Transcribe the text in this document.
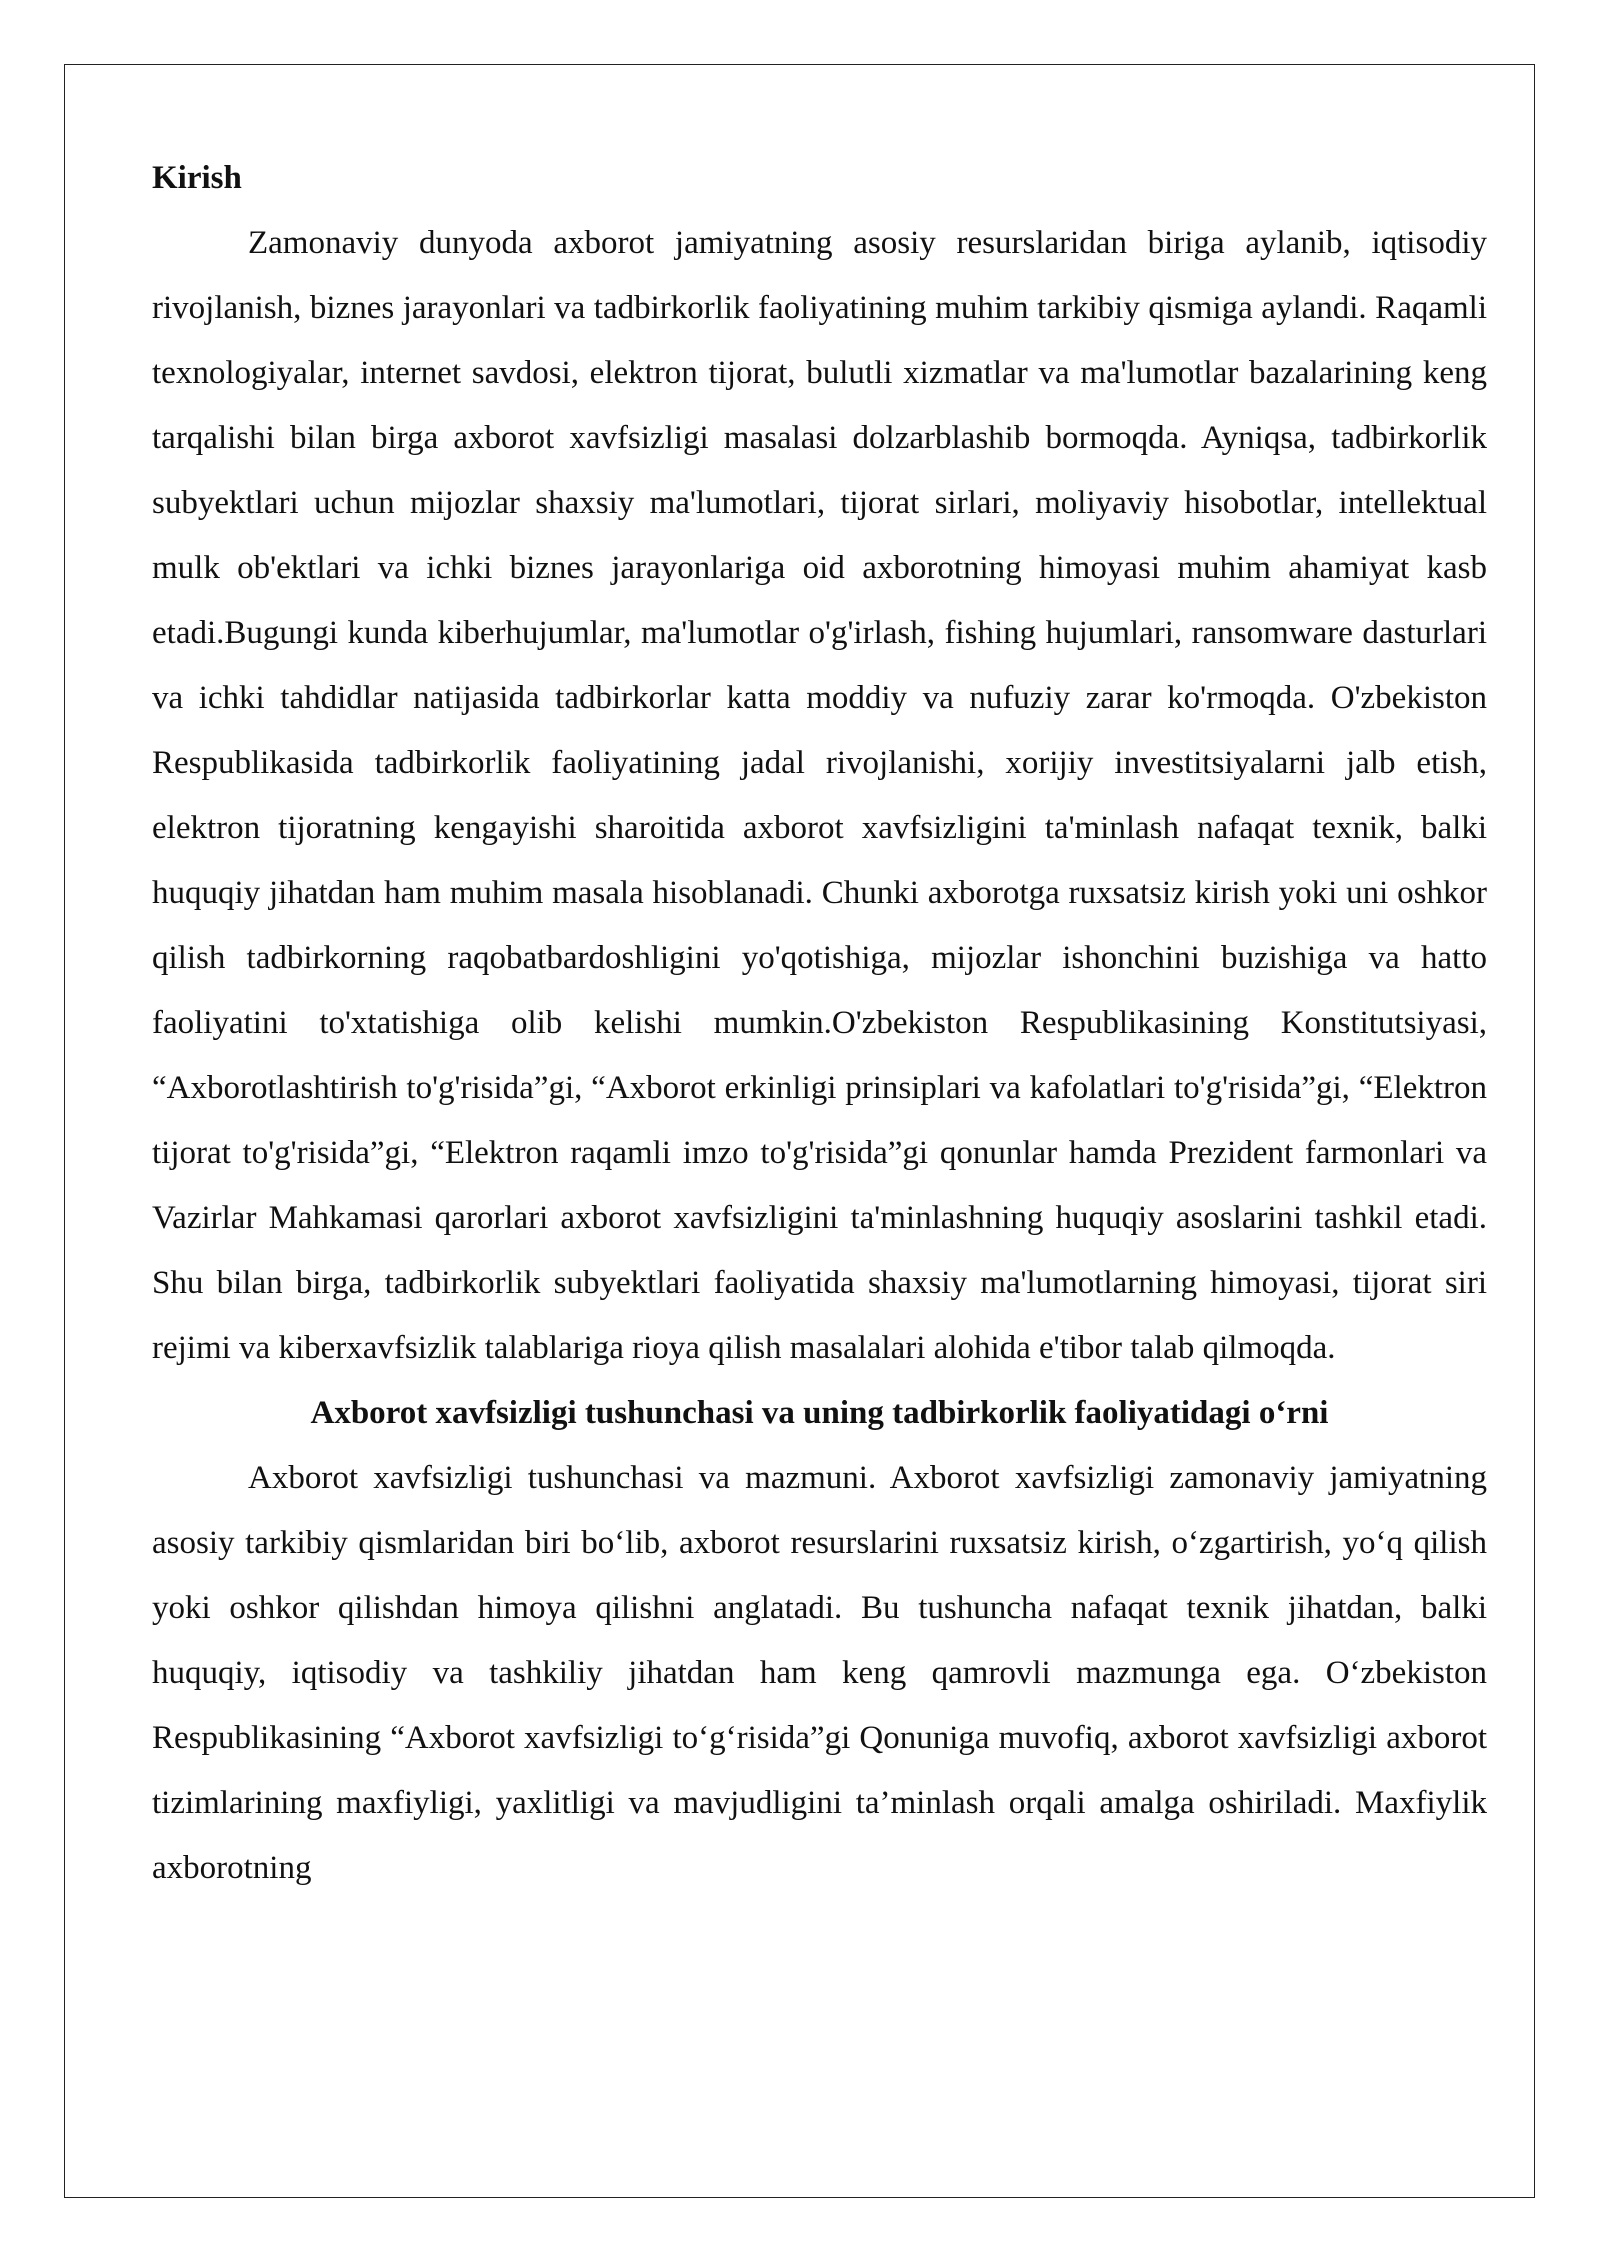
Kirish

Zamonaviy dunyoda axborot jamiyatning asosiy resurslaridan biriga aylanib, iqtisodiy rivojlanish, biznes jarayonlari va tadbirkorlik faoliyatining muhim tarkibiy qismiga aylandi. Raqamli texnologiyalar, internet savdosi, elektron tijorat, bulutli xizmatlar va ma'lumotlar bazalarining keng tarqalishi bilan birga axborot xavfsizligi masalasi dolzarblashib bormoqda. Ayniqsa, tadbirkorlik subyektlari uchun mijozlar shaxsiy ma'lumotlari, tijorat sirlari, moliyaviy hisobotlar, intellektual mulk ob'ektlari va ichki biznes jarayonlariga oid axborotning himoyasi muhim ahamiyat kasb etadi.Bugungi kunda kiberhujumlar, ma'lumotlar o'g'irlash, fishing hujumlari, ransomware dasturlari va ichki tahdidlar natijasida tadbirkorlar katta moddiy va nufuziy zarar ko'rmoqda. O'zbekiston Respublikasida tadbirkorlik faoliyatining jadal rivojlanishi, xorijiy investitsiyalarni jalb etish, elektron tijoratning kengayishi sharoitida axborot xavfsizligini ta'minlash nafaqat texnik, balki huquqiy jihatdan ham muhim masala hisoblanadi. Chunki axborotga ruxsatsiz kirish yoki uni oshkor qilish tadbirkorning raqobatbardoshligini yo'qotishiga, mijozlar ishonchini buzishiga va hatto faoliyatini to'xtatishiga olib kelishi mumkin.O'zbekiston Respublikasining Konstitutsiyasi, “Axborotlashtirish to'g'risida”gi, “Axborot erkinligi prinsiplari va kafolatlari to'g'risida”gi, “Elektron tijorat to'g'risida”gi, “Elektron raqamli imzo to'g'risida”gi qonunlar hamda Prezident farmonlari va Vazirlar Mahkamasi qarorlari axborot xavfsizligini ta'minlashning huquqiy asoslarini tashkil etadi. Shu bilan birga, tadbirkorlik subyektlari faoliyatida shaxsiy ma'lumotlarning himoyasi, tijorat siri rejimi va kiberxavfsizlik talablariga rioya qilish masalalari alohida e'tibor talab qilmoqda.

Axborot xavfsizligi tushunchasi va uning tadbirkorlik faoliyatidagi o‘rni

Axborot xavfsizligi tushunchasi va mazmuni. Axborot xavfsizligi zamonaviy jamiyatning asosiy tarkibiy qismlaridan biri bo‘lib, axborot resurslarini ruxsatsiz kirish, o‘zgartirish, yo‘q qilish yoki oshkor qilishdan himoya qilishni anglatadi. Bu tushuncha nafaqat texnik jihatdan, balki huquqiy, iqtisodiy va tashkiliy jihatdan ham keng qamrovli mazmunga ega. O‘zbekiston Respublikasining “Axborot xavfsizligi to‘g‘risida”gi Qonuniga muvofiq, axborot xavfsizligi axborot tizimlarining maxfiyligi, yaxlitligi va mavjudligini ta’minlash orqali amalga oshiriladi. Maxfiylik axborotning
